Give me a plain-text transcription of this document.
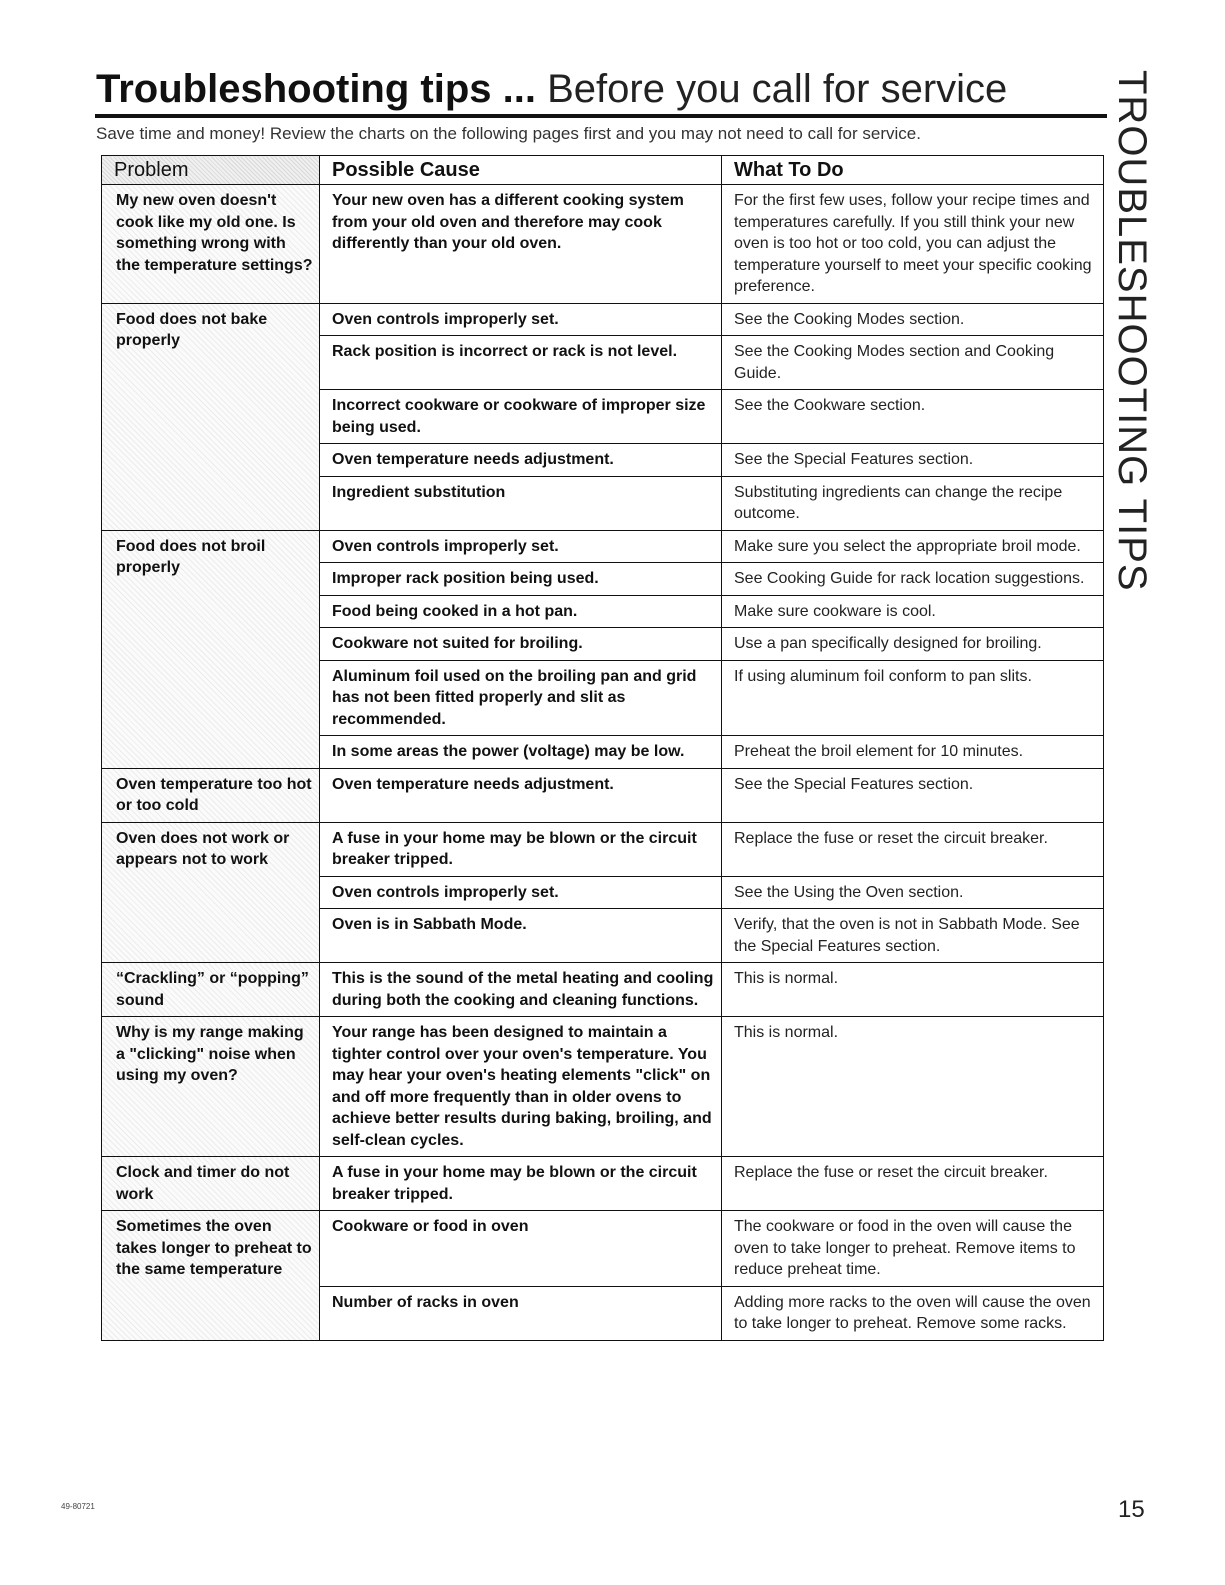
Troubleshooting tips ... Before you call for service
Save time and money! Review the charts on the following pages first and you may not need to call for service.	TROUBLESHOOTING TIPS
Problem	Possible Cause	What To Do
My new oven doesn't cook like my old one. Is something wrong with the temperature settings?	Your new oven has a different cooking system from your old oven and therefore may cook differently than your old oven.	For the first few uses, follow your recipe times and temperatures carefully. If you still think your new oven is too hot or too cold, you can adjust the temperature yourself to meet your specific cooking preference.
Food does not bake properly	Oven controls improperly set.	See the Cooking Modes section.
	Rack position is incorrect or rack is not level.	See the Cooking Modes section and Cooking Guide.
	Incorrect cookware or cookware of improper size being used.	See the Cookware section.
	Oven temperature needs adjustment.	See the Special Features section.
	Ingredient substitution	Substituting ingredients can change the recipe outcome.
Food does not broil properly	Oven controls improperly set.	Make sure you select the appropriate broil mode.
	Improper rack position being used.	See Cooking Guide for rack location suggestions.
	Food being cooked in a hot pan.	Make sure cookware is cool.
	Cookware not suited for broiling.	Use a pan specifically designed for broiling.
	Aluminum foil used on the broiling pan and grid has not been fitted properly and slit as recommended.	If using aluminum foil conform to pan slits.
	In some areas the power (voltage) may be low.	Preheat the broil element for 10 minutes.
Oven temperature too hot or too cold	Oven temperature needs adjustment.	See the Special Features section.
Oven does not work or appears not to work	A fuse in your home may be blown or the circuit breaker tripped.	Replace the fuse or reset the circuit breaker.
	Oven controls improperly set.	See the Using the Oven section.
	Oven is in Sabbath Mode.	Verify, that the oven is not in Sabbath Mode. See the Special Features section.
“Crackling” or “popping” sound	This is the sound of the metal heating and cooling during both the cooking and cleaning functions.	This is normal.
Why is my range making a "clicking" noise when using my oven?	Your range has been designed to maintain a tighter control over your oven's temperature. You may hear your oven's heating elements "click" on and off more frequently than in older ovens to achieve better results during baking, broiling, and self-clean cycles.	This is normal.
Clock and timer do not work	A fuse in your home may be blown or the circuit breaker tripped.	Replace the fuse or reset the circuit breaker.
Sometimes the oven takes longer to preheat to the same temperature	Cookware or food in oven	The cookware or food in the oven will cause the oven to take longer to preheat. Remove items to reduce preheat time.
	Number of racks in oven	Adding more racks to the oven will cause the oven to take longer to preheat. Remove some racks.
49-80721	15
